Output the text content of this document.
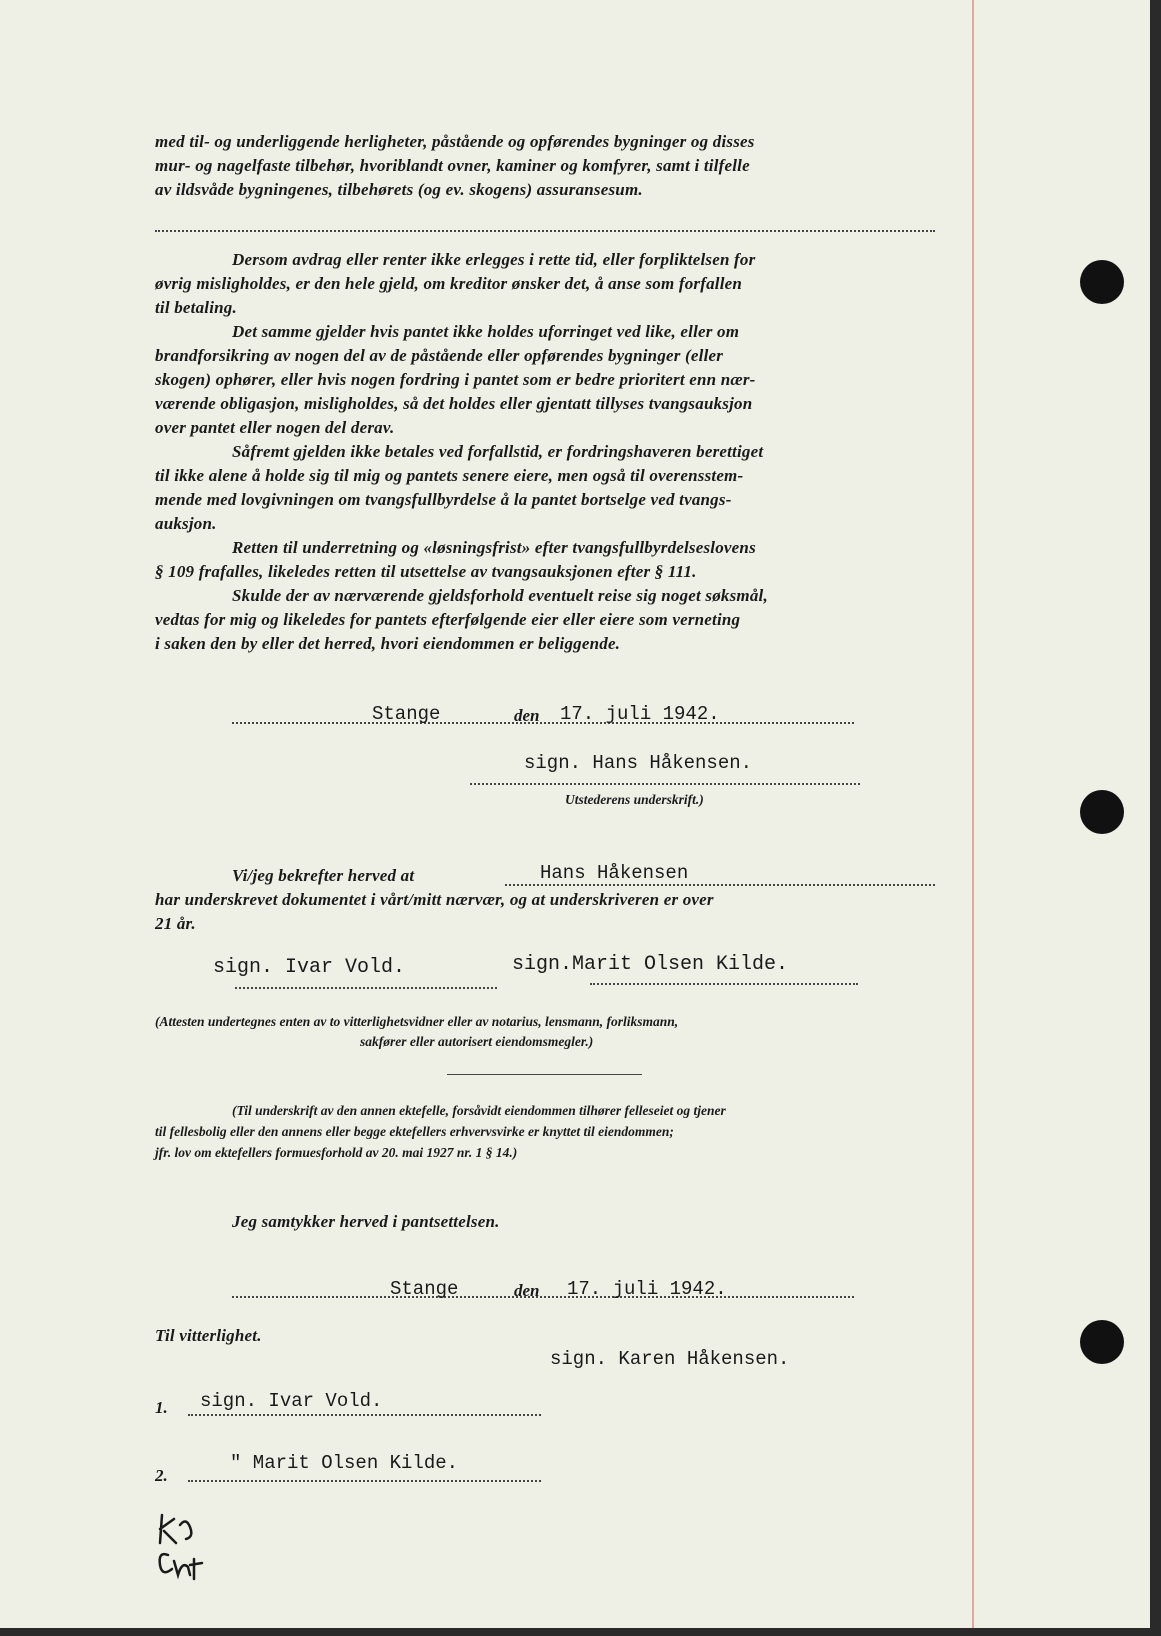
med til- og underliggende herligheter, påstående og opførendes bygninger og disses
mur- og nagelfaste tilbehør, hvoriblandt ovner, kaminer og komfyrer, samt i tilfelle
av ildsvåde bygningenes, tilbehørets (og ev. skogens) assuransesum.
Dersom avdrag eller renter ikke erlegges i rette tid, eller forpliktelsen for
øvrig misligholdes, er den hele gjeld, om kreditor ønsker det, å anse som forfallen
til betaling.
Det samme gjelder hvis pantet ikke holdes uforringet ved like, eller om
brandforsikring av nogen del av de påstående eller opførendes bygninger (eller
skogen) ophører, eller hvis nogen fordring i pantet som er bedre prioritert enn nær-
værende obligasjon, misligholdes, så det holdes eller gjentatt tillyses tvangsauksjon
over pantet eller nogen del derav.
Såfremt gjelden ikke betales ved forfallstid, er fordringshaveren berettiget
til ikke alene å holde sig til mig og pantets senere eiere, men også til overensstem-
mende med lovgivningen om tvangsfullbyrdelse å la pantet bortselge ved tvangs-
auksjon.
Retten til underretning og «løsningsfrist» efter tvangsfullbyrdelseslovens
§ 109 frafalles, likeledes retten til utsettelse av tvangsauksjonen efter § 111.
Skulde der av nærværende gjeldsforhold eventuelt reise sig noget søksmål,
vedtas for mig og likeledes for pantets efterfølgende eier eller eiere som verneting
i saken den by eller det herred, hvori eiendommen er beliggende.
Stange	den 17. juli 1942.
sign. Hans Håkensen.
Utstederens underskrift.)
Vi/jeg bekrefter herved at	Hans Håkensen
har underskrevet dokumentet i vårt/mitt nærvær, og at underskriveren er over
21 år.
sign. Ivar Vold.	sign.Marit Olsen Kilde.
(Attesten undertegnes enten av to vitterlighetsvidner eller av notarius, lensmann, forliksmann,
sakfører eller autorisert eiendomsmegler.)
(Til underskrift av den annen ektefelle, forsåvidt eiendommen tilhører felleseiet og tjener
til fellesbolig eller den annens eller begge ektefellers erhvervsvirke er knyttet til eiendommen;
jfr. lov om ektefellers formuesforhold av 20. mai 1927 nr. 1 § 14.)
Jeg samtykker herved i pantsettelsen.
Stange	den 17. juli 1942.
Til vitterlighet.
sign. Karen Håkensen.
1. sign. Ivar Vold.
2.
" Marit Olsen Kilde.
